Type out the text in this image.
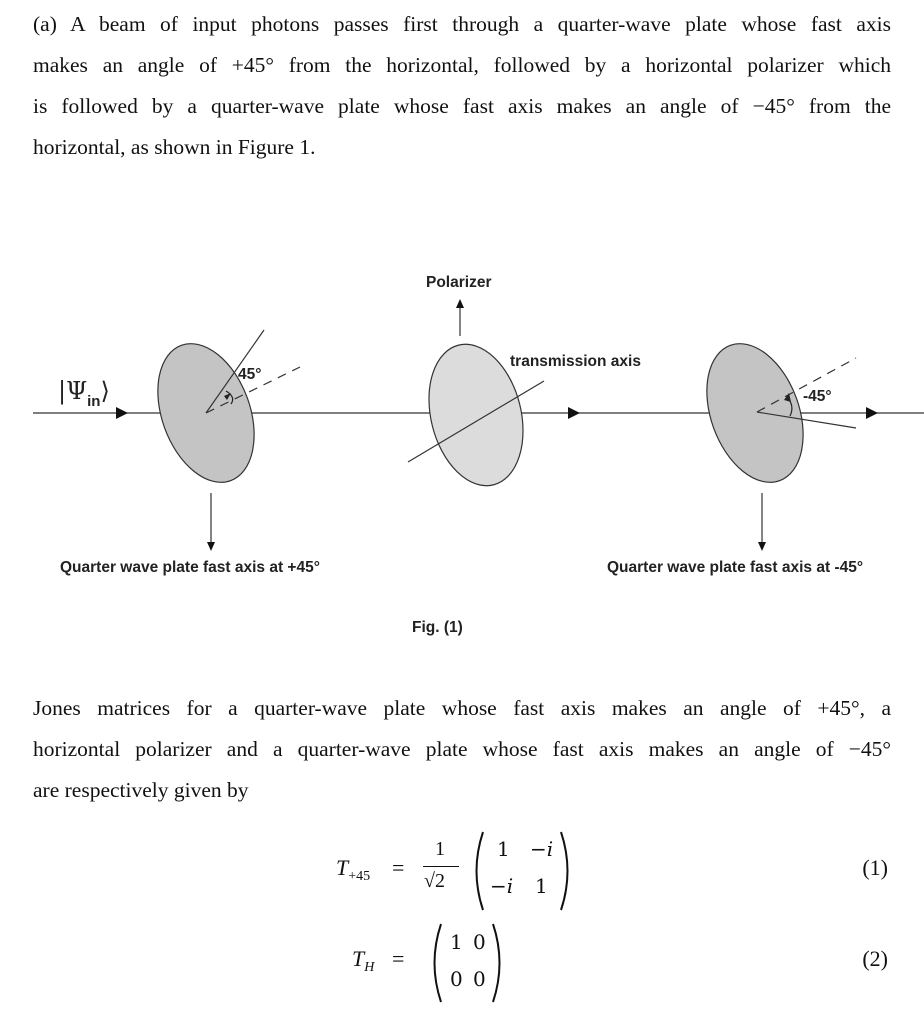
(a) A beam of input photons passes first through a quarter-wave plate whose fast axis
makes an angle of +45° from the horizontal, followed by a horizontal polarizer which
is followed by a quarter-wave plate whose fast axis makes an angle of −45° from the
horizontal, as shown in Figure 1.
$|\Psi_{in}⟩$
45°
Quarter wave plate fast axis at +45°
transmission axis
Polarizer
-45°
Quarter wave plate fast axis at -45°
Fig. (1)
Jones matrices for a quarter-wave plate whose fast axis makes an angle of +45°, a
horizontal polarizer and a quarter-wave plate whose fast axis makes an angle of −45°
are respectively given by
$T_{+45}$ =
1
√2
1 −i
−i 1
(1)
$T_H$ =
1 0
0 0
(2)
